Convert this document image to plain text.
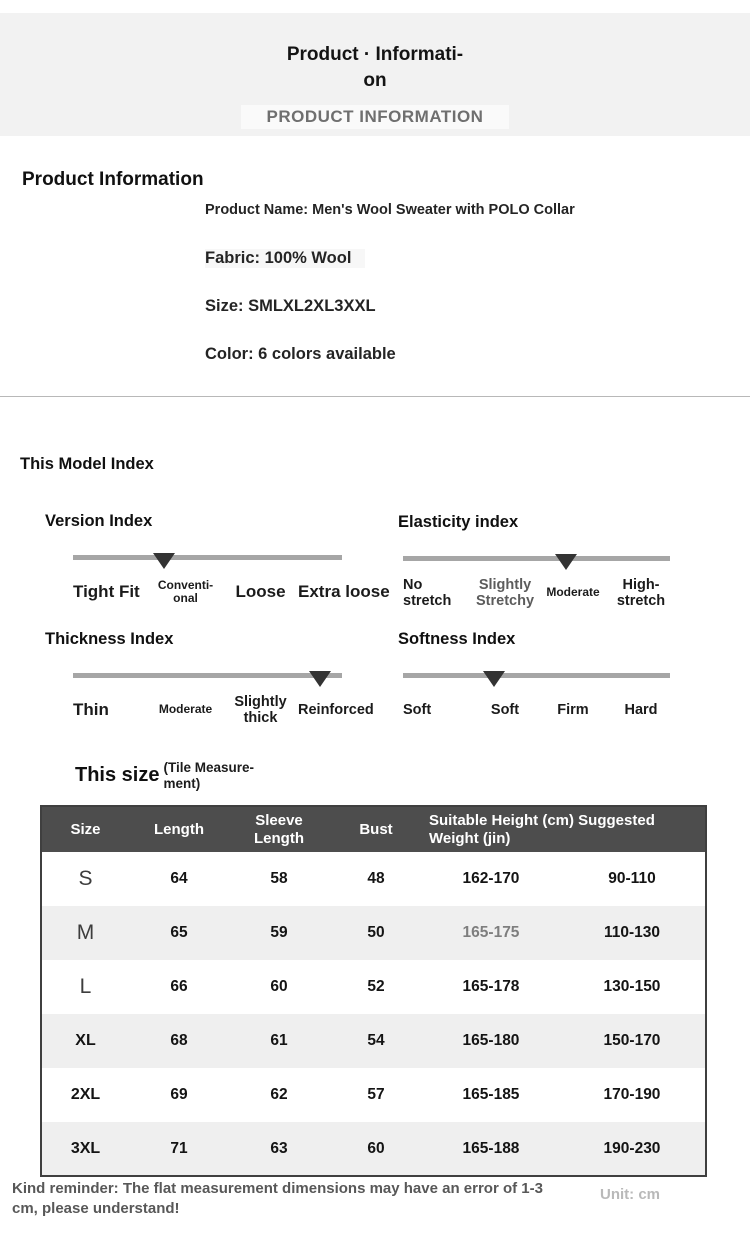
Product · Informati-
on
PRODUCT INFORMATION
Product Information
Product Name: Men's Wool Sweater with POLO Collar
Fabric: 100% Wool
Size: SMLXL2XL3XXL
Color: 6 colors available
This Model Index
Version Index
Tight Fit	Conventi-onal	Loose Extra loose
Elasticity index
No stretch
Slightly Stretchy
Moderate	High-stretch
Thickness Index
Thin	Moderate	Slightly thick
Reinforced
Softness Index
Soft	Soft	Firm	Hard
This size (Tile Measure-
ment)
Size	Length	Sleeve Length	Bust	Suitable Height (cm) Suggested Weight (jin)	
S	64	58	48	162-170	90-110
M	65	59	50	165-175	110-130
L	66	60	52	165-178	130-150
XL	68	61	54	165-180	150-170
2XL	69	62	57	165-185	170-190
3XL	71	63	60	165-188	190-230
Kind reminder: The flat measurement dimensions may have an error of 1-3 cm, please understand!
Unit: cm
